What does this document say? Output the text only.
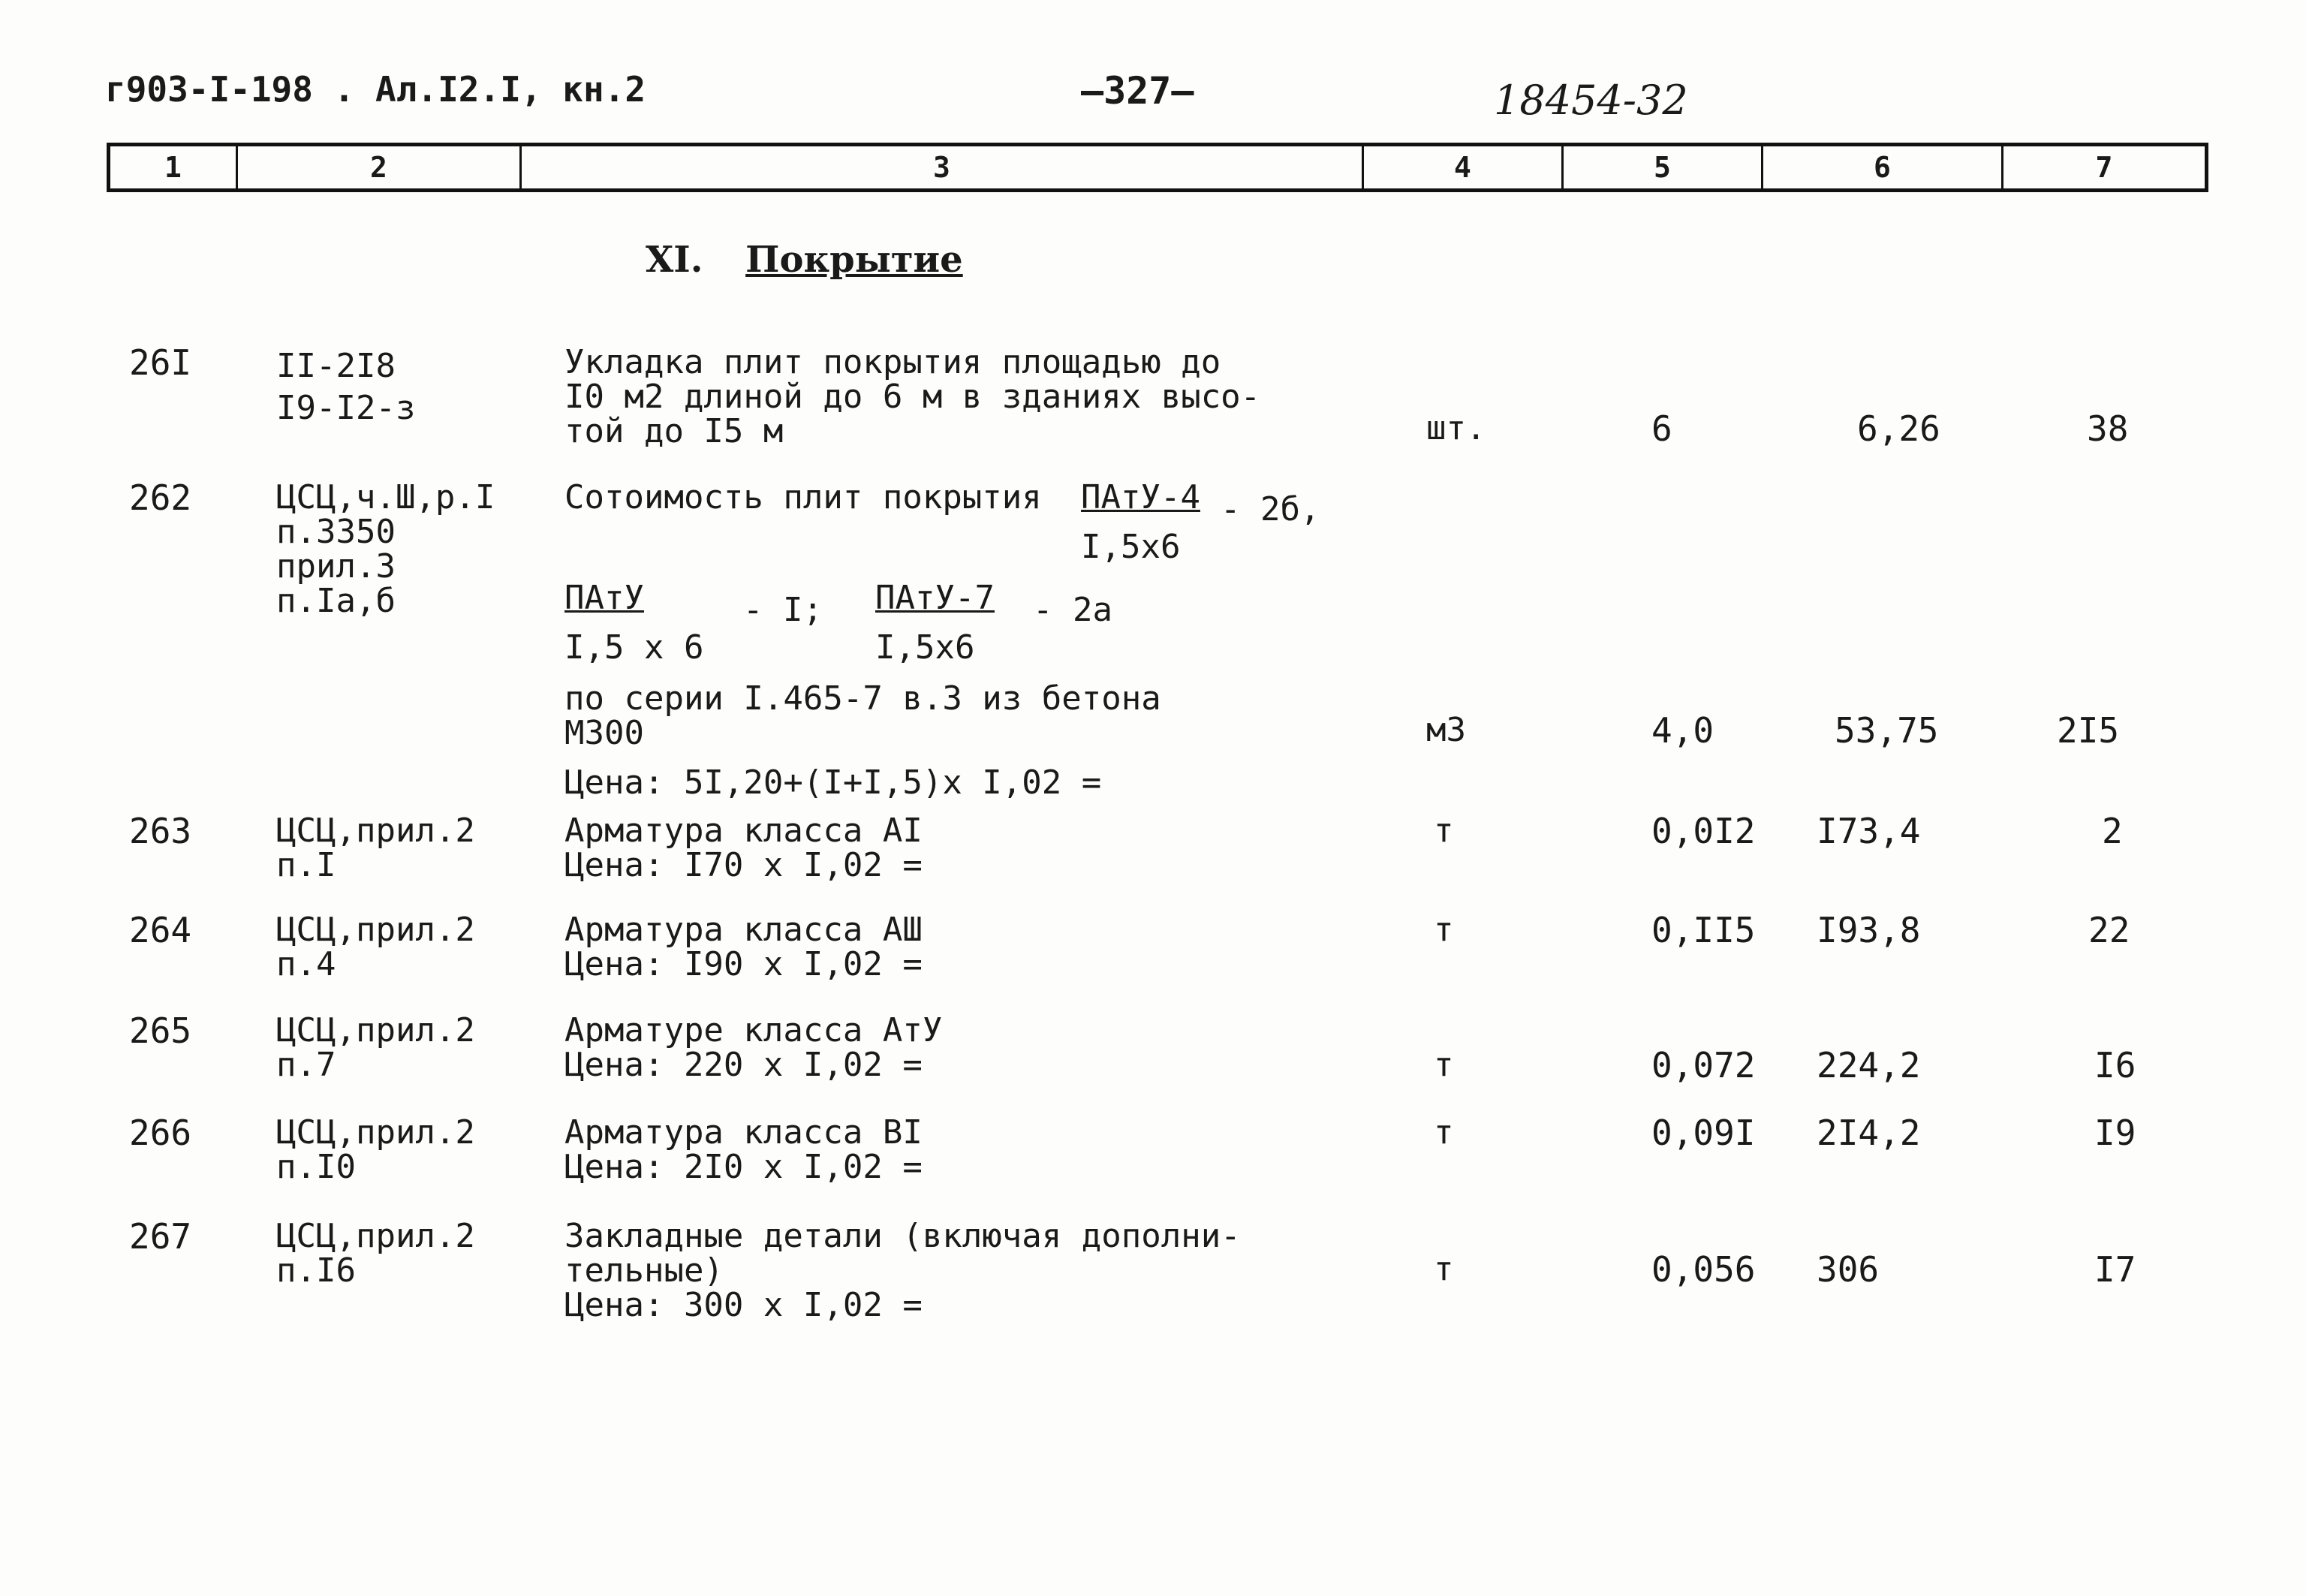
г903-I-198 . Ал.I2.I, кн.2	—327—	18454-32
1	2	3	4	5	6	7
XI. Покрытие
26I	II-2I8
I9-I2-з
Укладка плит покрытия площадью до
I0 м2 длиной до 6 м в зданиях высо-
той до I5 м	шт.	6	6,26	38
262	ЦСЦ,ч.Ш,р.I
п.3350
прил.3
п.Iа,б
Сотоимость плит покрытия ПАтУ-4
I,5х6
- 2б,
ПАтУ
I,5 х 6
- I; ПАтУ-7
I,5х6
- 2а
по серии I.465-7 в.3 из бетона
М300
Цена: 5I,20+(I+I,5)х I,02 =
м3	4,0	53,75	2I5
263	ЦСЦ,прил.2
п.I
Арматура класса АI
Цена: I70 х I,02 =
т	0,0I2 I73,4	2
264	ЦСЦ,прил.2
п.4
Арматура класса АШ
Цена: I90 х I,02 =
т	0,II5 I93,8	22
265	ЦСЦ,прил.2
п.7
Арматуре класса АтУ
Цена: 220 х I,02 =	т	0,072 224,2	I6
266	ЦСЦ,прил.2
п.I0
Арматура класса ВI
Цена: 2I0 х I,02 =
т	0,09I 2I4,2	I9
267	ЦСЦ,прил.2
п.I6
Закладные детали (включая дополни-
тельные)
Цена: 300 х I,02 =
т	0,056 306	I7
